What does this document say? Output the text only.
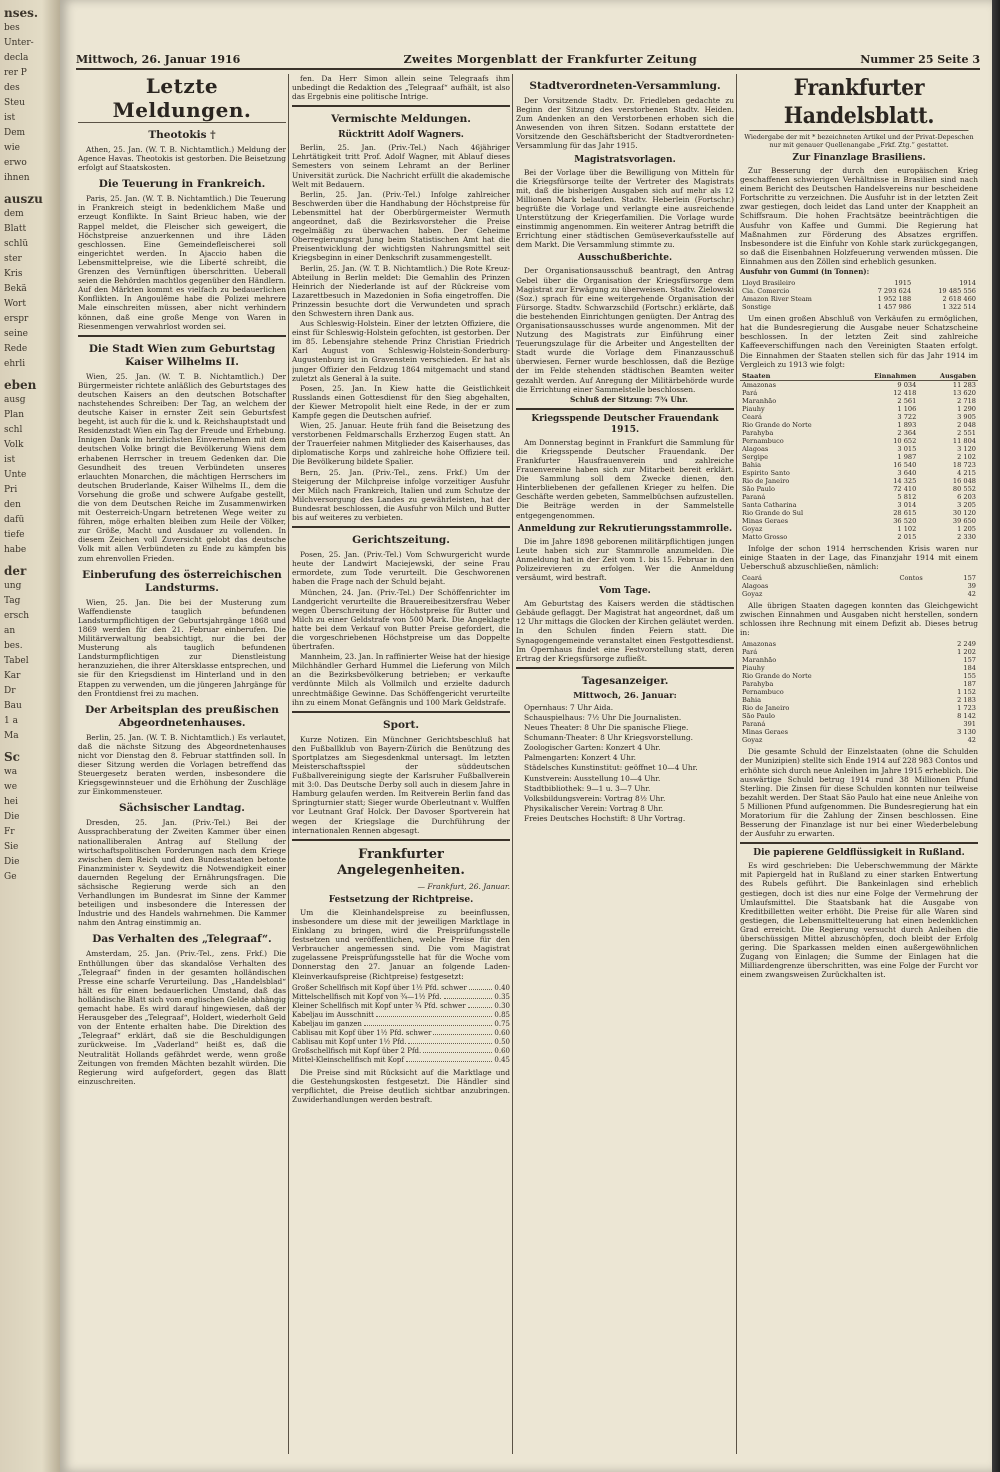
nses.
bes
Unter-
decla
rer P
des
Steu
ist
Dem
wie
erwo
ihnen
auszu
dem
Blatt
schlü
ster
Kris
Bekä
Wort
erspr
seine
Rede
ehrli
eben
ausg
Plan
schl
Volk
ist
Unte
Pri
den
dafü
tiefe
habe
der
ung
Tag
ersch
an
bes.
Tabel
Kar
Dr
Bau
1 a
Ma
Sc
wa
we
hei
Die
Fr
Sie
Die
Ge
Mittwoch, 26. Januar 1916	Zweites Morgenblatt der Frankfurter Zeitung	Nummer 25 Seite 3
Letzte Meldungen.
Theotokis †

Athen, 25. Jan. (W. T. B. Nichtamtlich.) Meldung der Agence Havas. Theotokis ist gestorben. Die Beisetzung erfolgt auf Staatskosten.

Die Teuerung in Frankreich.

Paris, 25. Jan. (W. T. B. Nichtamtlich.) Die Teuerung in Frankreich steigt in bedenklichem Maße und erzeugt Konflikte. In Saint Brieuc haben, wie der Rappel meldet, die Fleischer sich geweigert, die Höchstpreise anzuerkennen und ihre Läden geschlossen. Eine Gemeindefleischerei soll eingerichtet werden. In Ajaccio haben die Lebensmittelpreise, wie die Liberté schreibt, die Grenzen des Vernünftigen überschritten. Ueberall seien die Behörden machtlos gegenüber den Händlern. Auf den Märkten kommt es vielfach zu bedauerlichen Konflikten. In Angoulême habe die Polizei mehrere Male einschreiten müssen, aber nicht verhindern können, daß eine große Menge von Waren in Riesenmengen verwahrlost worden sei.

Die Stadt Wien zum Geburtstag Kaiser Wilhelms II.

Wien, 25. Jan. (W. T. B. Nichtamtlich.) Der Bürgermeister richtete anläßlich des Geburtstages des deutschen Kaisers an den deutschen Botschafter nachstehendes Schreiben: Der Tag, an welchem der deutsche Kaiser in ernster Zeit sein Geburtsfest begeht, ist auch für die k. und k. Reichshauptstadt und Residenzstadt Wien ein Tag der Freude und Erhebung. Innigen Dank im herzlichsten Einvernehmen mit dem deutschen Volke bringt die Bevölkerung Wiens dem erhabenen Herrscher in treuem Gedenken dar. Die Gesundheit des treuen Verbündeten unseres erlauchten Monarchen, die mächtigen Herrschers im deutschen Bruderlande, Kaiser Wilhelms II., dem die Vorsehung die große und schwere Aufgabe gestellt, die von dem Deutschen Reiche im Zusammenwirken mit Oesterreich-Ungarn betretenen Wege weiter zu führen, möge erhalten bleiben zum Heile der Völker, zur Größe, Macht und Ausdauer zu vollenden. In diesem Zeichen voll Zuversicht gelobt das deutsche Volk mit allen Verbündeten zu Ende zu kämpfen bis zum ehrenvollen Frieden.

Einberufung des österreichischen Landsturms.

Wien, 25. Jan. Die bei der Musterung zum Waffendienste tauglich befundenen Landsturmpflichtigen der Geburtsjahrgänge 1868 und 1869 werden für den 21. Februar einberufen. Die Militärverwaltung beabsichtigt, nur die bei der Musterung als tauglich befundenen Landsturmpflichtigen zur Dienstleistung heranzuziehen, die ihrer Altersklasse entsprechen, und sie für den Kriegsdienst im Hinterland und in den Etappen zu verwenden, um die jüngeren Jahrgänge für den Frontdienst frei zu machen.

Der Arbeitsplan des preußischen Abgeordnetenhauses.

Berlin, 25. Jan. (W. T. B. Nichtamtlich.) Es verlautet, daß die nächste Sitzung des Abgeordnetenhauses nicht vor Dienstag den 8. Februar stattfinden soll. In dieser Sitzung werden die Vorlagen betreffend das Steuergesetz beraten werden, insbesondere die Kriegsgewinnsteuer und die Erhöhung der Zuschläge zur Einkommensteuer.

Sächsischer Landtag.

Dresden, 25. Jan. (Priv.-Tel.) Bei der Aussprachberatung der Zweiten Kammer über einen nationalliberalen Antrag auf Stellung der wirtschaftspolitischen Forderungen nach dem Kriege zwischen dem Reich und den Bundesstaaten betonte Finanzminister v. Seydewitz die Notwendigkeit einer dauernden Regelung der Ernährungsfragen. Die sächsische Regierung werde sich an den Verhandlungen im Bundesrat im Sinne der Kammer beteiligen und insbesondere die Interessen der Industrie und des Handels wahrnehmen. Die Kammer nahm den Antrag einstimmig an.

Das Verhalten des „Telegraaf“.

Amsterdam, 25. Jan. (Priv.-Tel., zens. Frkf.) Die Enthüllungen über das skandalöse Verhalten des „Telegraaf“ finden in der gesamten holländischen Presse eine scharfe Verurteilung. Das „Handelsblad“ hält es für einen bedauerlichen Umstand, daß das holländische Blatt sich vom englischen Gelde abhängig gemacht habe. Es wird darauf hingewiesen, daß der Herausgeber des „Telegraaf“, Holdert, wiederholt Geld von der Entente erhalten habe. Die Direktion des „Telegraaf“ erklärt, daß sie die Beschuldigungen zurückweise. Im „Vaderland“ heißt es, daß die Neutralität Hollands gefährdet werde, wenn große Zeitungen von fremden Mächten bezahlt würden. Die Regierung wird aufgefordert, gegen das Blatt einzuschreiten.

fen. Da Herr Simon allein seine Telegraafs ihm unbedingt die Redaktion des „Telegraaf“ aufhält, ist also das Ergebnis eine politische Intrige.

Vermischte Meldungen.
Rücktritt Adolf Wagners.

Berlin, 25. Jan. (Priv.-Tel.) Nach 46jähriger Lehrtätigkeit tritt Prof. Adolf Wagner, mit Ablauf dieses Semesters von seinem Lehramt an der Berliner Universität zurück. Die Nachricht erfüllt die akademische Welt mit Bedauern.

Berlin, 25. Jan. (Priv.-Tel.) Infolge zahlreicher Beschwerden über die Handhabung der Höchstpreise für Lebensmittel hat der Oberbürgermeister Wermuth angeordnet, daß die Bezirksvorsteher die Preise regelmäßig zu überwachen haben. Der Geheime Oberregierungsrat Jung beim Statistischen Amt hat die Preisentwicklung der wichtigsten Nahrungsmittel seit Kriegsbeginn in einer Denkschrift zusammengestellt.

Berlin, 25. Jan. (W. T. B. Nichtamtlich.) Die Rote Kreuz-Abteilung in Berlin meldet: Die Gemahlin des Prinzen Heinrich der Niederlande ist auf der Rückreise vom Lazarettbesuch in Mazedonien in Sofia eingetroffen. Die Prinzessin besuchte dort die Verwundeten und sprach den Schwestern ihren Dank aus.

Aus Schleswig-Holstein. Einer der letzten Offiziere, die einst für Schleswig-Holstein gefochten, ist gestorben. Der im 85. Lebensjahre stehende Prinz Christian Friedrich Karl August von Schleswig-Holstein-Sonderburg-Augustenburg ist in Gravenstein verschieden. Er hat als junger Offizier den Feldzug 1864 mitgemacht und stand zuletzt als General à la suite.

Posen, 25. Jan. In Kiew hatte die Geistlichkeit Russlands einen Gottesdienst für den Sieg abgehalten, der Kiewer Metropolit hielt eine Rede, in der er zum Kampfe gegen die Deutschen aufrief.

Wien, 25. Januar. Heute früh fand die Beisetzung des verstorbenen Feldmarschalls Erzherzog Eugen statt. An der Trauerfeier nahmen Mitglieder des Kaiserhauses, das diplomatische Korps und zahlreiche hohe Offiziere teil. Die Bevölkerung bildete Spalier.

Bern, 25. Jan. (Priv.-Tel., zens. Frkf.) Um der Steigerung der Milchpreise infolge vorzeitiger Ausfuhr der Milch nach Frankreich, Italien und zum Schutze der Milchversorgung des Landes zu gewährleisten, hat der Bundesrat beschlossen, die Ausfuhr von Milch und Butter bis auf weiteres zu verbieten.

Gerichtszeitung.

Posen, 25. Jan. (Priv.-Tel.) Vom Schwurgericht wurde heute der Landwirt Maciejewski, der seine Frau ermordete, zum Tode verurteilt. Die Geschworenen haben die Frage nach der Schuld bejaht.

München, 24. Jan. (Priv.-Tel.) Der Schöffenrichter im Landgericht verurteilte die Brauereibesitzersfrau Weber wegen Überschreitung der Höchstpreise für Butter und Milch zu einer Geldstrafe von 500 Mark. Die Angeklagte hatte bei dem Verkauf von Butter Preise gefordert, die die vorgeschriebenen Höchstpreise um das Doppelte übertrafen.

Mannheim, 23. Jan. In raffinierter Weise hat der hiesige Milchhändler Gerhard Hummel die Lieferung von Milch an die Bezirksbevölkerung betrieben; er verkaufte verdünnte Milch als Vollmilch und erzielte dadurch unrechtmäßige Gewinne. Das Schöffengericht verurteilte ihn zu einem Monat Gefängnis und 100 Mark Geldstrafe.

Sport.

Kurze Notizen. Ein Münchner Gerichtsbeschluß hat den Fußballklub von Bayern-Zürich die Benützung des Sportplatzes am Siegesdenkmal untersagt. Im letzten Meisterschaftsspiel der süddeutschen Fußballvereinigung siegte der Karlsruher Fußballverein mit 3:0. Das Deutsche Derby soll auch in diesem Jahre in Hamburg gelaufen werden. Im Reitverein Berlin fand das Springturnier statt; Sieger wurde Oberleutnant v. Wulffen vor Leutnant Graf Holck. Der Davoser Sportverein hat wegen der Kriegslage die Durchführung der internationalen Rennen abgesagt.

Frankfurter Angelegenheiten.
— Frankfurt, 26. Januar.
Festsetzung der Richtpreise.

Um die Kleinhandelspreise zu beeinflussen, insbesondere um diese mit der jeweiligen Marktlage in Einklang zu bringen, wird die Preisprüfungsstelle festsetzen und veröffentlichen, welche Preise für den Verbraucher angemessen sind. Die vom Magistrat zugelassene Preisprüfungsstelle hat für die Woche vom Donnerstag den 27. Januar an folgende Laden-Kleinverkaufspreise (Richtpreise) festgesetzt:

Großer Schellfisch mit Kopf über 1½ Pfd. schwer	0.40
Mittelschellfisch mit Kopf von ¾—1½ Pfd.	0.35
Kleiner Schellfisch mit Kopf unter ¾ Pfd. schwer	0.30
Kabeljau im Ausschnitt	0.85
Kabeljau im ganzen	0.75
Cablisau mit Kopf über 1½ Pfd. schwer	0.60
Cablisau mit Kopf unter 1½ Pfd.	0.50
Großschellfisch mit Kopf über 2 Pfd.	0.60
Mittel-Kleinschellfisch mit Kopf	0.45

Die Preise sind mit Rücksicht auf die Marktlage und die Gestehungskosten festgesetzt. Die Händler sind verpflichtet, die Preise deutlich sichtbar anzubringen. Zuwiderhandlungen werden bestraft.

Stadtverordneten-Versammlung.

Der Vorsitzende Stadtv. Dr. Friedleben gedachte zu Beginn der Sitzung des verstorbenen Stadtv. Heiden. Zum Andenken an den Verstorbenen erhoben sich die Anwesenden von ihren Sitzen. Sodann erstattete der Vorsitzende den Geschäftsbericht der Stadtverordneten-Versammlung für das Jahr 1915.

Magistratsvorlagen.

Bei der Vorlage über die Bewilligung von Mitteln für die Kriegsfürsorge teilte der Vertreter des Magistrats mit, daß die bisherigen Ausgaben sich auf mehr als 12 Millionen Mark belaufen. Stadtv. Heberlein (Fortschr.) begrüßte die Vorlage und verlangte eine ausreichende Unterstützung der Kriegerfamilien. Die Vorlage wurde einstimmig angenommen. Ein weiterer Antrag betrifft die Errichtung einer städtischen Gemüseverkaufsstelle auf dem Markt. Die Versammlung stimmte zu.

Ausschußberichte.

Der Organisationsausschuß beantragt, den Antrag Gebel über die Organisation der Kriegsfürsorge dem Magistrat zur Erwägung zu überweisen. Stadtv. Zielowski (Soz.) sprach für eine weitergehende Organisation der Fürsorge. Stadtv. Schwarzschild (Fortschr.) erklärte, daß die bestehenden Einrichtungen genügten. Der Antrag des Organisationsausschusses wurde angenommen. Mit der Nutzung des Magistrats zur Einführung einer Teuerungszulage für die Arbeiter und Angestellten der Stadt wurde die Vorlage dem Finanzausschuß überwiesen. Ferner wurde beschlossen, daß die Bezüge der im Felde stehenden städtischen Beamten weiter gezahlt werden. Auf Anregung der Militärbehörde wurde die Errichtung einer Sammelstelle beschlossen.

Schluß der Sitzung: 7¾ Uhr.

Kriegsspende Deutscher Frauendank 1915.

Am Donnerstag beginnt in Frankfurt die Sammlung für die Kriegsspende Deutscher Frauendank. Der Frankfurter Hausfrauenverein und zahlreiche Frauenvereine haben sich zur Mitarbeit bereit erklärt. Die Sammlung soll dem Zwecke dienen, den Hinterbliebenen der gefallenen Krieger zu helfen. Die Geschäfte werden gebeten, Sammelbüchsen aufzustellen. Die Beiträge werden in der Sammelstelle entgegengenommen.

Anmeldung zur Rekrutierungsstammrolle.

Die im Jahre 1898 geborenen militärpflichtigen jungen Leute haben sich zur Stammrolle anzumelden. Die Anmeldung hat in der Zeit vom 1. bis 15. Februar in den Polizeirevieren zu erfolgen. Wer die Anmeldung versäumt, wird bestraft.

Vom Tage.

Am Geburtstag des Kaisers werden die städtischen Gebäude geflaggt. Der Magistrat hat angeordnet, daß um 12 Uhr mittags die Glocken der Kirchen geläutet werden. In den Schulen finden Feiern statt. Die Synagogengemeinde veranstaltet einen Festgottesdienst. Im Opernhaus findet eine Festvorstellung statt, deren Ertrag der Kriegsfürsorge zufließt.

Tagesanzeiger.
Mittwoch, 26. Januar:

Opernhaus: 7 Uhr Aida.

Schauspielhaus: 7½ Uhr Die Journalisten.

Neues Theater: 8 Uhr Die spanische Fliege.

Schumann-Theater: 8 Uhr Kriegsvorstellung.

Zoologischer Garten: Konzert 4 Uhr.

Palmengarten: Konzert 4 Uhr.

Städelsches Kunstinstitut: geöffnet 10—4 Uhr.

Kunstverein: Ausstellung 10—4 Uhr.

Stadtbibliothek: 9—1 u. 3—7 Uhr.

Volksbildungsverein: Vortrag 8½ Uhr.

Physikalischer Verein: Vortrag 8 Uhr.

Freies Deutsches Hochstift: 8 Uhr Vortrag.

Frankfurter Handelsblatt.
Wiedergabe der mit * bezeichneten Artikel und der Privat-Depeschen nur mit genauer Quellenangabe „Frkf. Ztg.“ gestattet.
Zur Finanzlage Brasiliens.

Zur Besserung der durch den europäischen Krieg geschaffenen schwierigen Verhältnisse in Brasilien sind nach einem Bericht des Deutschen Handelsvereins nur bescheidene Fortschritte zu verzeichnen. Die Ausfuhr ist in der letzten Zeit zwar gestiegen, doch leidet das Land unter der Knappheit an Schiffsraum. Die hohen Frachtsätze beeinträchtigen die Ausfuhr von Kaffee und Gummi. Die Regierung hat Maßnahmen zur Förderung des Absatzes ergriffen. Insbesondere ist die Einfuhr von Kohle stark zurückgegangen, so daß die Eisenbahnen Holzfeuerung verwenden müssen. Die Einnahmen aus den Zöllen sind erheblich gesunken.

Ausfuhr von Gummi (in Tonnen):
Lloyd Brasileiro	1915	1914
Cia. Comercio	7 293 624	19 485 556
Amazon River Steam	1 952 188	2 618 460
Sonstige	1 457 986	1 322 514

Um einen großen Abschluß von Verkäufen zu ermöglichen, hat die Bundesregierung die Ausgabe neuer Schatzscheine beschlossen. In der letzten Zeit sind zahlreiche Kaffeeverschiffungen nach den Vereinigten Staaten erfolgt. Die Einnahmen der Staaten stellen sich für das Jahr 1914 im Vergleich zu 1913 wie folgt:

Staaten	Einnahmen	Ausgaben
Amazonas	9 034	11 283
Pará	12 418	13 620
Maranhão	2 561	2 718
Piauhy	1 106	1 290
Ceará	3 722	3 905
Rio Grande do Norte	1 893	2 048
Parahyba	2 364	2 551
Pernambuco	10 652	11 804
Alagoas	3 015	3 120
Sergipe	1 987	2 102
Bahia	16 540	18 723
Espirito Santo	3 640	4 215
Rio de Janeiro	14 325	16 048
São Paulo	72 410	80 552
Paraná	5 812	6 203
Santa Catharina	3 014	3 205
Rio Grande do Sul	28 615	30 120
Minas Geraes	36 520	39 650
Goyaz	1 102	1 205
Matto Grosso	2 015	2 330

Infolge der schon 1914 herrschenden Krisis waren nur einige Staaten in der Lage, das Finanzjahr 1914 mit einem Ueberschuß abzuschließen, nämlich:

Ceará	Contos	157
Alagoas		39
Goyaz		42

Alle übrigen Staaten dagegen konnten das Gleichgewicht zwischen Einnahmen und Ausgaben nicht herstellen, sondern schlossen ihre Rechnung mit einem Defizit ab. Dieses betrug in:

Amazonas	2 249
Pará	1 202
Maranhão	157
Piauhy	184
Rio Grande do Norte	155
Parahyba	187
Pernambuco	1 152
Bahia	2 183
Rio de Janeiro	1 723
São Paulo	8 142
Paraná	391
Minas Geraes	3 130
Goyaz	42

Die gesamte Schuld der Einzelstaaten (ohne die Schulden der Munizipien) stellte sich Ende 1914 auf 228 983 Contos und erhöhte sich durch neue Anleihen im Jahre 1915 erheblich. Die auswärtige Schuld betrug 1914 rund 38 Millionen Pfund Sterling. Die Zinsen für diese Schulden konnten nur teilweise bezahlt werden. Der Staat São Paulo hat eine neue Anleihe von 5 Millionen Pfund aufgenommen. Die Bundesregierung hat ein Moratorium für die Zahlung der Zinsen beschlossen. Eine Besserung der Finanzlage ist nur bei einer Wiederbelebung der Ausfuhr zu erwarten.

Die papierene Geldflüssigkeit in Rußland.

Es wird geschrieben: Die Ueberschwemmung der Märkte mit Papiergeld hat in Rußland zu einer starken Entwertung des Rubels geführt. Die Bankeinlagen sind erheblich gestiegen, doch ist dies nur eine Folge der Vermehrung der Umlaufsmittel. Die Staatsbank hat die Ausgabe von Kreditbilletten weiter erhöht. Die Preise für alle Waren sind gestiegen, die Lebensmittelteuerung hat einen bedenklichen Grad erreicht. Die Regierung versucht durch Anleihen die überschüssigen Mittel abzuschöpfen, doch bleibt der Erfolg gering. Die Sparkassen melden einen außergewöhnlichen Zugang von Einlagen; die Summe der Einlagen hat die Milliardengrenze überschritten, was eine Folge der Furcht vor einem zwangsweisen Zurückhalten ist.
